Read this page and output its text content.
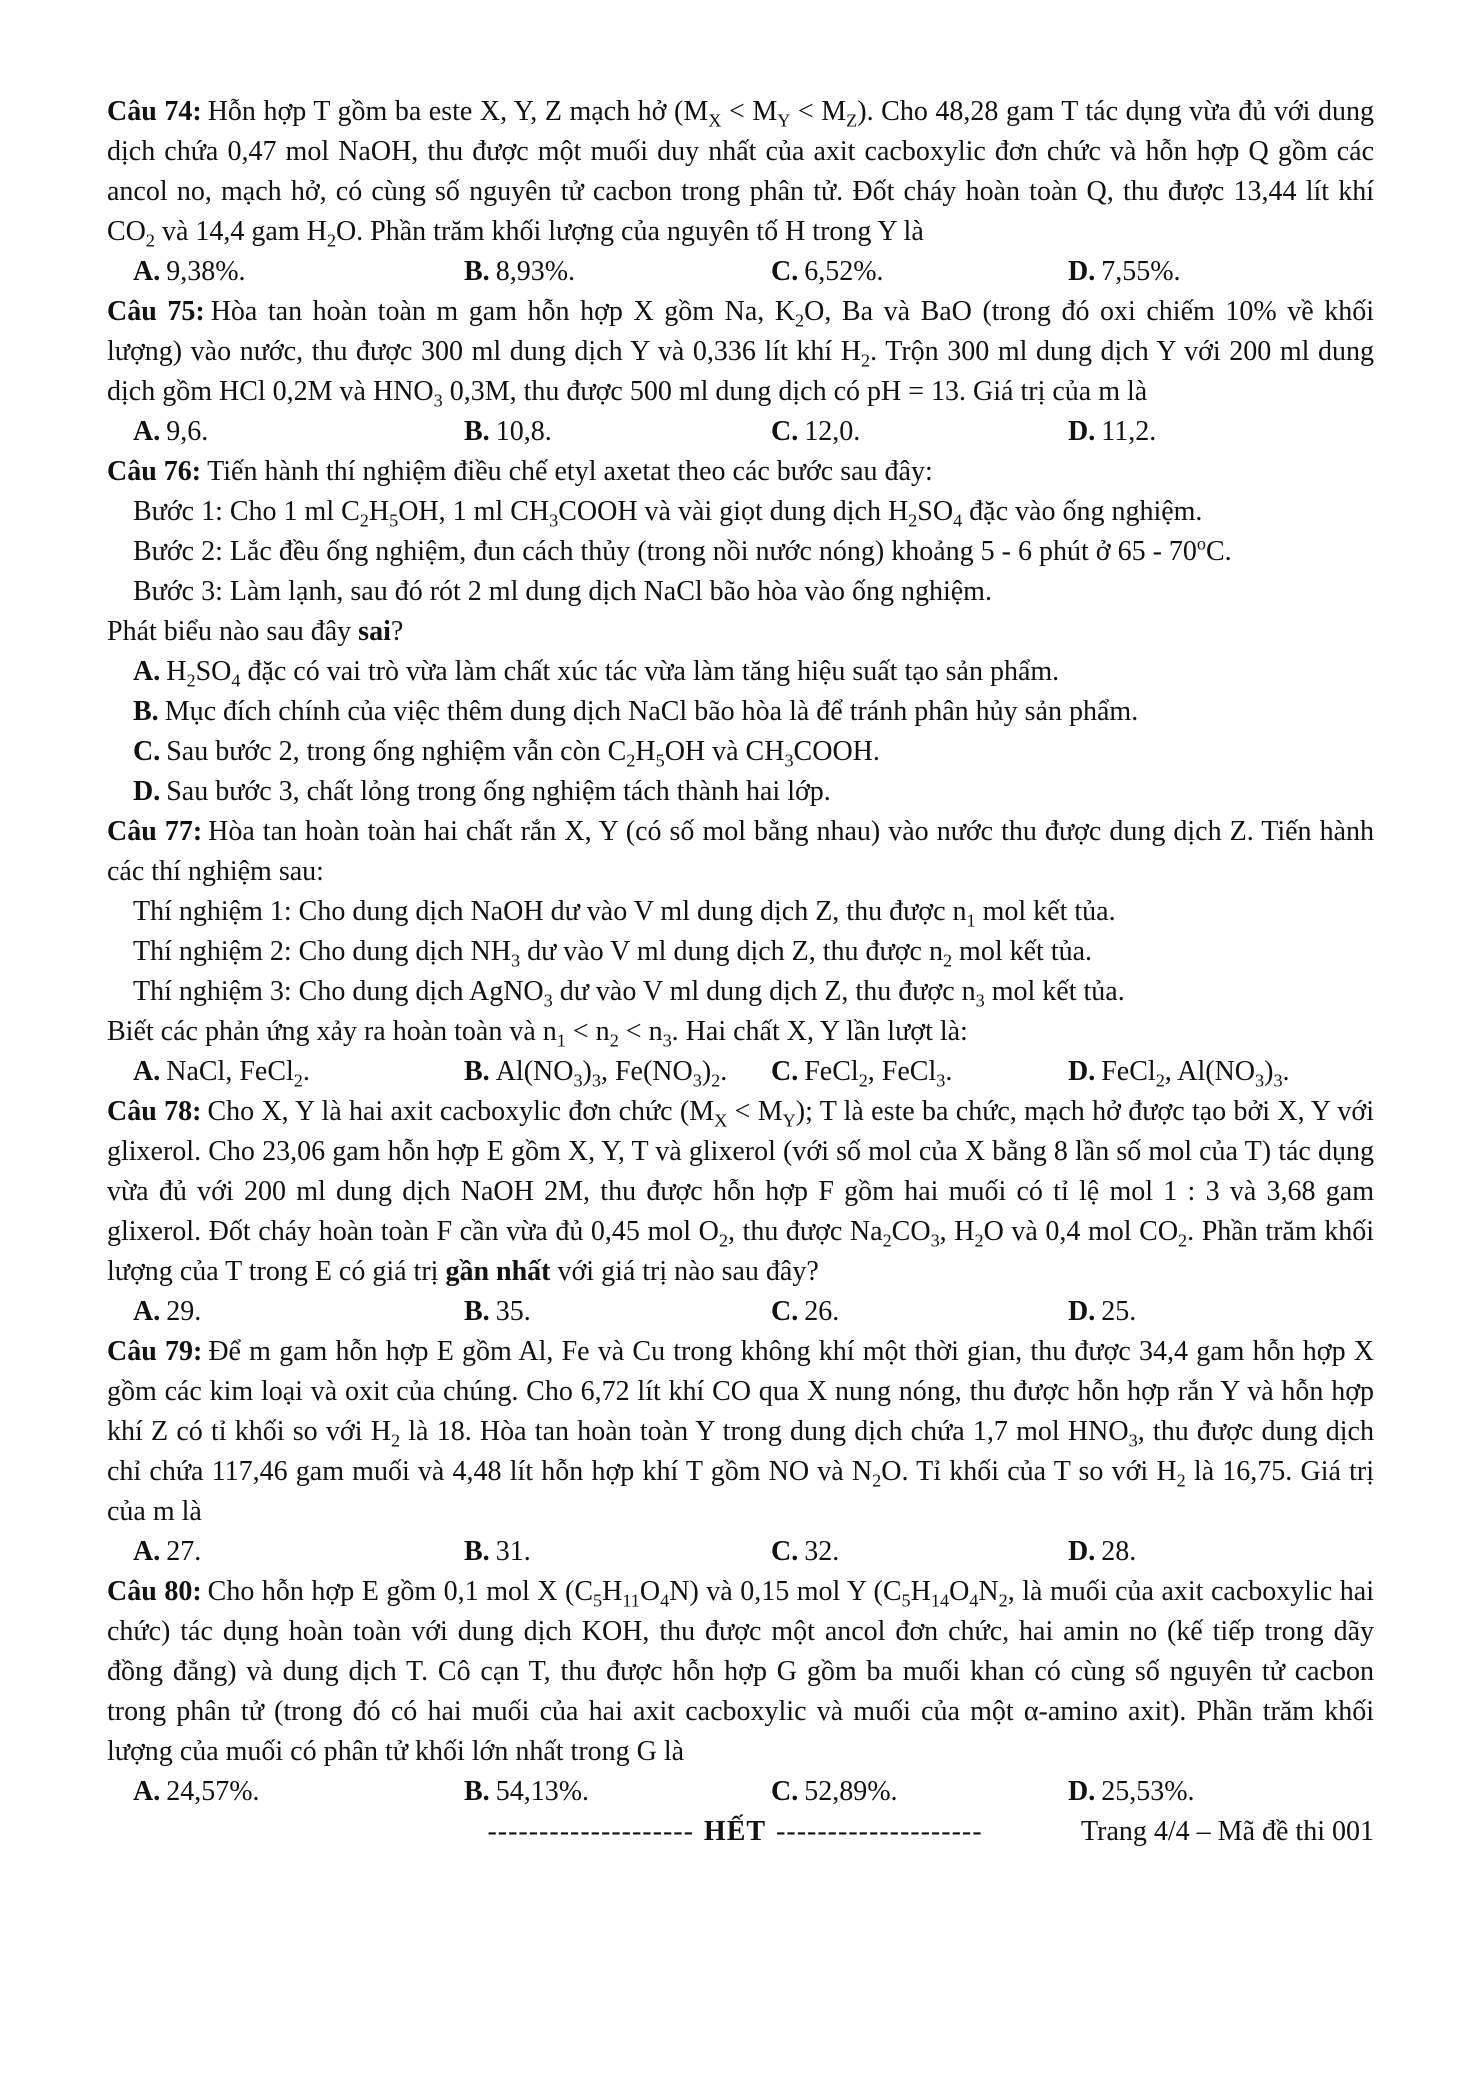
Câu 74: Hỗn hợp T gồm ba este X, Y, Z mạch hở $(M_X < M_Y < M_Z)$. Cho 48,28 gam T tác dụng vừa đủ với dung dịch chứa 0,47 mol NaOH, thu được một muối duy nhất của axit cacboxylic đơn chức và hỗn hợp Q gồm các ancol no, mạch hở, có cùng số nguyên tử cacbon trong phân tử. Đốt cháy hoàn toàn Q, thu được 13,44 lít khí $CO_2$ và 14,4 gam $H_2O$. Phần trăm khối lượng của nguyên tố H trong Y là

A. 9,38%.	B. 8,93%.	C. 6,52%.	D. 7,55%.

Câu 75: Hòa tan hoàn toàn m gam hỗn hợp X gồm Na, $K_2O$, Ba và BaO (trong đó oxi chiếm 10% về khối lượng) vào nước, thu được 300 ml dung dịch Y và 0,336 lít khí $H_2$. Trộn 300 ml dung dịch Y với 200 ml dung dịch gồm HCl 0,2M và $HNO_3$ 0,3M, thu được 500 ml dung dịch có pH = 13. Giá trị của m là

A. 9,6.	B. 10,8.	C. 12,0.	D. 11,2.

Câu 76: Tiến hành thí nghiệm điều chế etyl axetat theo các bước sau đây:

Bước 1: Cho 1 ml $C_2H_5OH$, 1 ml $CH_3COOH$ và vài giọt dung dịch $H_2SO_4$ đặc vào ống nghiệm.

Bước 2: Lắc đều ống nghiệm, đun cách thủy (trong nồi nước nóng) khoảng 5 - 6 phút ở 65 - 70$^o$C.

Bước 3: Làm lạnh, sau đó rót 2 ml dung dịch NaCl bão hòa vào ống nghiệm.

Phát biểu nào sau đây sai?

A. $H_2SO_4$ đặc có vai trò vừa làm chất xúc tác vừa làm tăng hiệu suất tạo sản phẩm.

B. Mục đích chính của việc thêm dung dịch NaCl bão hòa là để tránh phân hủy sản phẩm.

C. Sau bước 2, trong ống nghiệm vẫn còn $C_2H_5OH$ và $CH_3COOH$.

D. Sau bước 3, chất lỏng trong ống nghiệm tách thành hai lớp.

Câu 77: Hòa tan hoàn toàn hai chất rắn X, Y (có số mol bằng nhau) vào nước thu được dung dịch Z. Tiến hành các thí nghiệm sau:

Thí nghiệm 1: Cho dung dịch NaOH dư vào V ml dung dịch Z, thu được $n_1$ mol kết tủa.

Thí nghiệm 2: Cho dung dịch $NH_3$ dư vào V ml dung dịch Z, thu được $n_2$ mol kết tủa.

Thí nghiệm 3: Cho dung dịch AgNO$_3$ dư vào V ml dung dịch Z, thu được $n_3$ mol kết tủa.

Biết các phản ứng xảy ra hoàn toàn và $n_1 < n_2 < n_3$. Hai chất X, Y lần lượt là:

A. NaCl, FeCl$_2$.	B. $Al(NO_3)_3$, $Fe(NO_3)_2$.	C. FeCl$_2$, FeCl$_3$.	D. FeCl$_2$, $Al(NO_3)_3$.

Câu 78: Cho X, Y là hai axit cacboxylic đơn chức $(M_X < M_Y)$; T là este ba chức, mạch hở được tạo bởi X, Y với glixerol. Cho 23,06 gam hỗn hợp E gồm X, Y, T và glixerol (với số mol của X bằng 8 lần số mol của T) tác dụng vừa đủ với 200 ml dung dịch NaOH 2M, thu được hỗn hợp F gồm hai muối có tỉ lệ mol 1 : 3 và 3,68 gam glixerol. Đốt cháy hoàn toàn F cần vừa đủ 0,45 mol $O_2$, thu được $Na_2CO_3$, $H_2O$ và 0,4 mol $CO_2$. Phần trăm khối lượng của T trong E có giá trị gần nhất với giá trị nào sau đây?

A. 29.	B. 35.	C. 26.	D. 25.

Câu 79: Để m gam hỗn hợp E gồm Al, Fe và Cu trong không khí một thời gian, thu được 34,4 gam hỗn hợp X gồm các kim loại và oxit của chúng. Cho 6,72 lít khí CO qua X nung nóng, thu được hỗn hợp rắn Y và hỗn hợp khí Z có tỉ khối so với $H_2$ là 18. Hòa tan hoàn toàn Y trong dung dịch chứa 1,7 mol $HNO_3$, thu được dung dịch chỉ chứa 117,46 gam muối và 4,48 lít hỗn hợp khí T gồm NO và $N_2O$. Tỉ khối của T so với $H_2$ là 16,75. Giá trị của m là

A. 27.	B. 31.	C. 32.	D. 28.

Câu 80: Cho hỗn hợp E gồm 0,1 mol X $(C_5H_{11}O_4N)$ và 0,15 mol Y ($C_5H_{14}O_4N_2$, là muối của axit cacboxylic hai chức) tác dụng hoàn toàn với dung dịch KOH, thu được một ancol đơn chức, hai amin no (kế tiếp trong dãy đồng đẳng) và dung dịch T. Cô cạn T, thu được hỗn hợp G gồm ba muối khan có cùng số nguyên tử cacbon trong phân tử (trong đó có hai muối của hai axit cacboxylic và muối của một α-amino axit). Phần trăm khối lượng của muối có phân tử khối lớn nhất trong G là

A. 24,57%.	B. 54,13%.	C. 52,89%.	D. 25,53%.
-------------------- HẾT --------------------	Trang 4/4 – Mã đề thi 001
